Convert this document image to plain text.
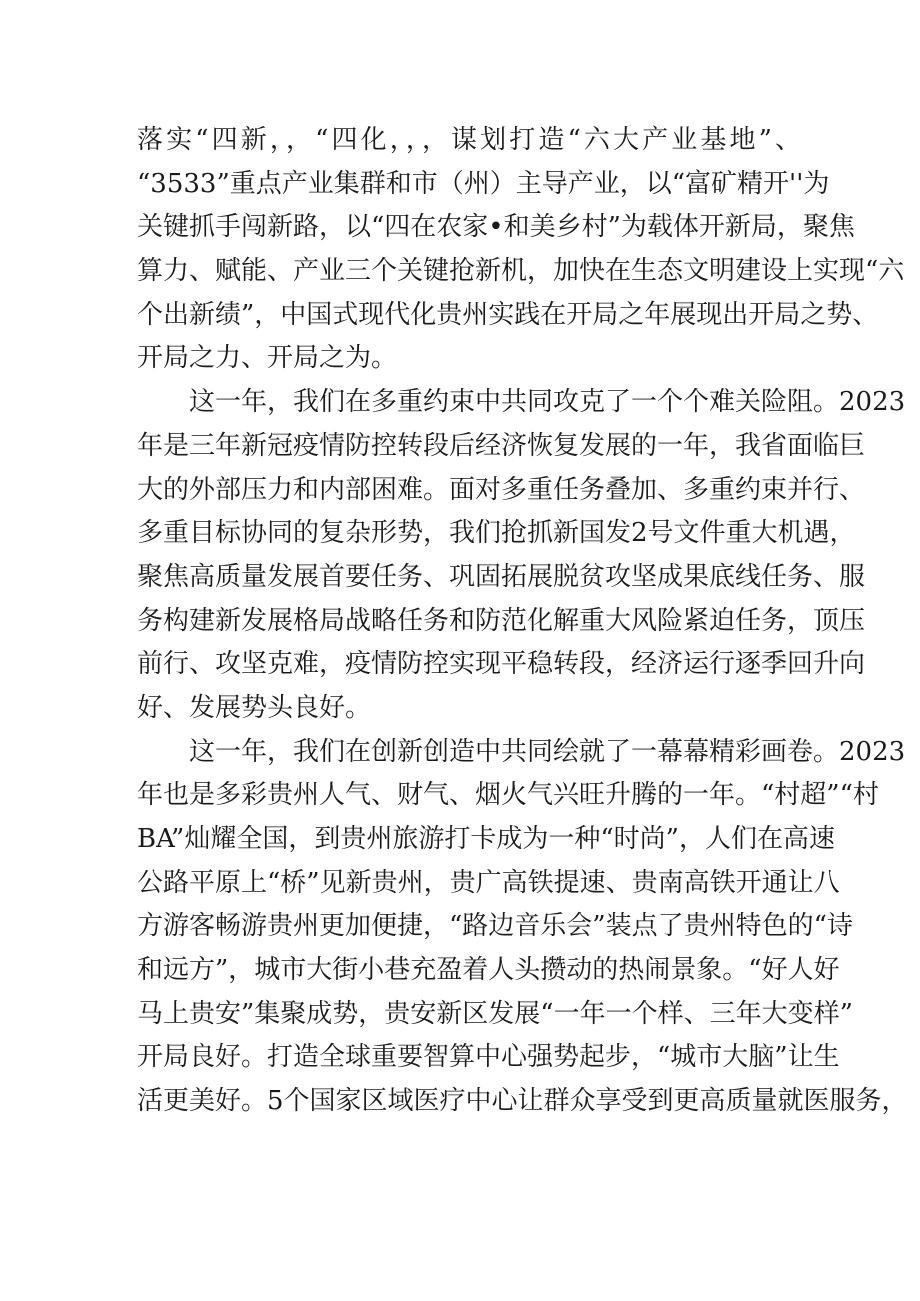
落实“四新，，“四化，，，谋划打造“六大产业基地”、
“3533”重点产业集群和市（州）主导产业，以“富矿精开''为
关键抓手闯新路，以“四在农家•和美乡村”为载体开新局，聚焦
算力、赋能、产业三个关键抢新机，加快在生态文明建设上实现“六
个出新绩”，中国式现代化贵州实践在开局之年展现出开局之势、
开局之力、开局之为。
这一年，我们在多重约束中共同攻克了一个个难关险阻。2023
年是三年新冠疫情防控转段后经济恢复发展的一年，我省面临巨
大的外部压力和内部困难。面对多重任务叠加、多重约束并行、
多重目标协同的复杂形势，我们抢抓新国发2号文件重大机遇，
聚焦高质量发展首要任务、巩固拓展脱贫攻坚成果底线任务、服
务构建新发展格局战略任务和防范化解重大风险紧迫任务，顶压
前行、攻坚克难，疫情防控实现平稳转段，经济运行逐季回升向
好、发展势头良好。
这一年，我们在创新创造中共同绘就了一幕幕精彩画卷。2023
年也是多彩贵州人气、财气、烟火气兴旺升腾的一年。“村超”“村
BA”灿耀全国，到贵州旅游打卡成为一种“时尚”，人们在高速
公路平原上“桥”见新贵州，贵广高铁提速、贵南高铁开通让八
方游客畅游贵州更加便捷，“路边音乐会”装点了贵州特色的“诗
和远方”，城市大街小巷充盈着人头攒动的热闹景象。“好人好
马上贵安”集聚成势，贵安新区发展“一年一个样、三年大变样”
开局良好。打造全球重要智算中心强势起步，“城市大脑”让生
活更美好。5个国家区域医疗中心让群众享受到更高质量就医服务，
